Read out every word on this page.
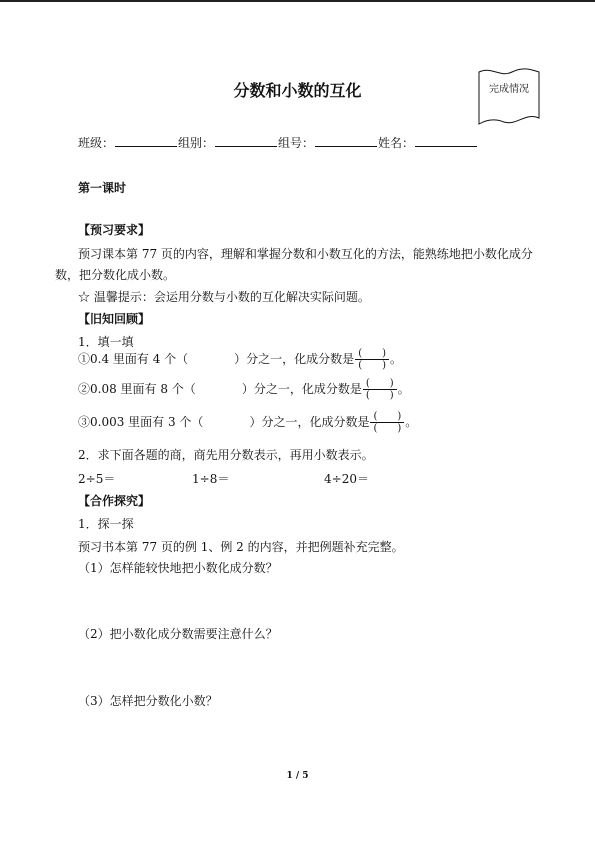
分数和小数的互化	完成情况
班级：	组别：	组号：	姓名：
第一课时
【预习要求】
预习课本第 77 页的内容，理解和掌握分数和小数互化的方法，能熟练地把小数化成分
数，把分数化成小数。
☆ 温馨提示：会运用分数与小数的互化解决实际问题。
【旧知回顾】
1．填一填
①0.4 里面有 4 个（	）分之一，化成分数是 $\frac{( )}{( )}$ 。
②0.08 里面有 8 个（	）分之一，化成分数是 $\frac{( )}{( )}$ 。
③0.003 里面有 3 个（	）分之一，化成分数是 $\frac{( )}{( )}$ 。
2．求下面各题的商，商先用分数表示，再用小数表示。
2÷5＝	1÷8＝	4÷20＝
【合作探究】
1．探一探
预习书本第 77 页的例 1、例 2 的内容，并把例题补充完整。
（1）怎样能较快地把小数化成分数？
（2）把小数化成分数需要注意什么？
（3）怎样把分数化小数？
1 / 5
